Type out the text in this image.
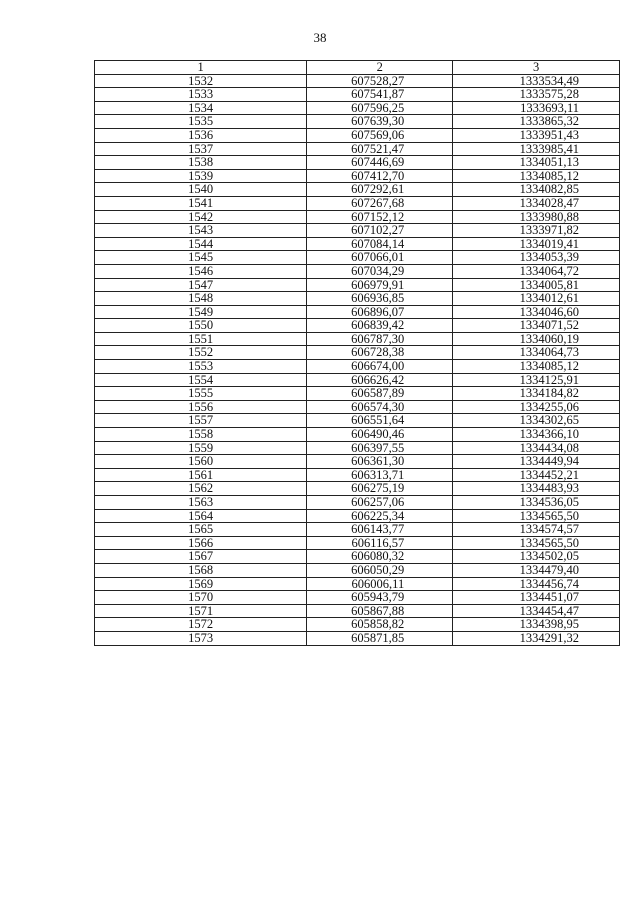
38
1	2	3
1532	607528,27	1333534,49
1533	607541,87	1333575,28
1534	607596,25	1333693,11
1535	607639,30	1333865,32
1536	607569,06	1333951,43
1537	607521,47	1333985,41
1538	607446,69	1334051,13
1539	607412,70	1334085,12
1540	607292,61	1334082,85
1541	607267,68	1334028,47
1542	607152,12	1333980,88
1543	607102,27	1333971,82
1544	607084,14	1334019,41
1545	607066,01	1334053,39
1546	607034,29	1334064,72
1547	606979,91	1334005,81
1548	606936,85	1334012,61
1549	606896,07	1334046,60
1550	606839,42	1334071,52
1551	606787,30	1334060,19
1552	606728,38	1334064,73
1553	606674,00	1334085,12
1554	606626,42	1334125,91
1555	606587,89	1334184,82
1556	606574,30	1334255,06
1557	606551,64	1334302,65
1558	606490,46	1334366,10
1559	606397,55	1334434,08
1560	606361,30	1334449,94
1561	606313,71	1334452,21
1562	606275,19	1334483,93
1563	606257,06	1334536,05
1564	606225,34	1334565,50
1565	606143,77	1334574,57
1566	606116,57	1334565,50
1567	606080,32	1334502,05
1568	606050,29	1334479,40
1569	606006,11	1334456,74
1570	605943,79	1334451,07
1571	605867,88	1334454,47
1572	605858,82	1334398,95
1573	605871,85	1334291,32
